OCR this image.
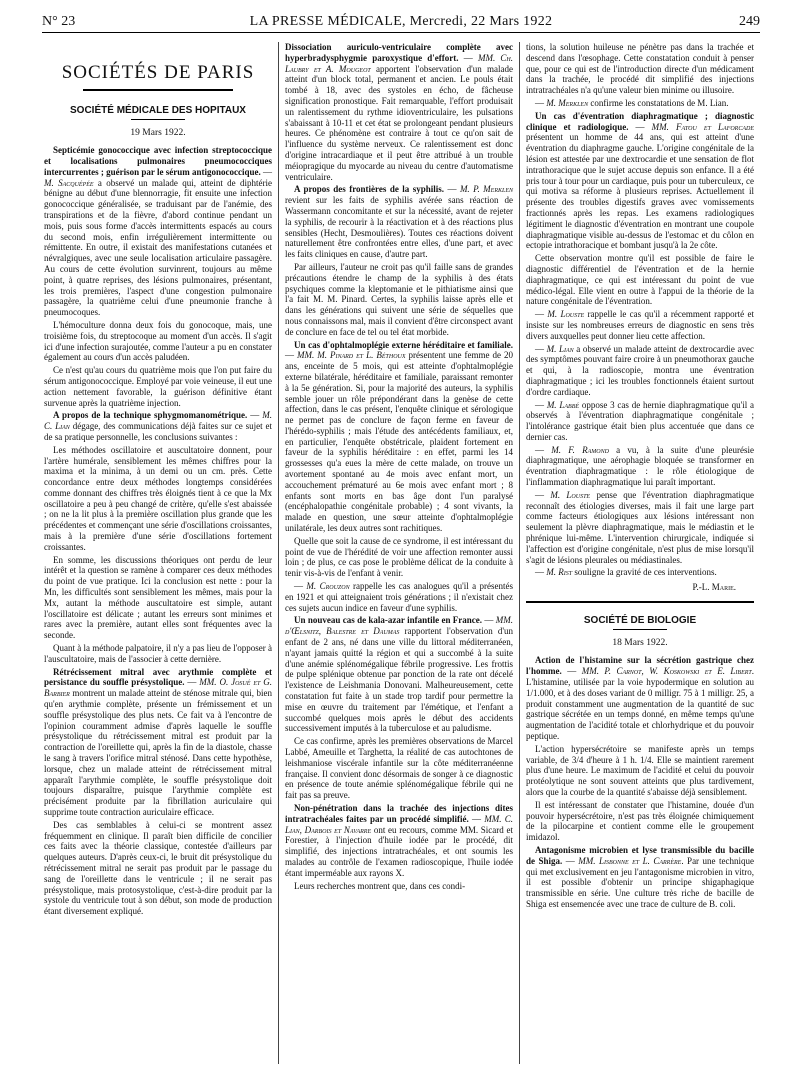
N° 23	LA PRESSE MÉDICALE, Mercredi, 22 Mars 1922	249
SOCIÉTÉS DE PARIS
SOCIÉTÉ MÉDICALE DES HOPITAUX
19 Mars 1922.

Septicémie gonococcique avec infection streptococcique et localisations pulmonaires pneumococciques intercurrentes ; guérison par le sérum antigonococcique. — M. Sacquépée a observé un malade qui, atteint de diphtérie bénigne au début d'une blennorragie, fit ensuite une infection gonococcique généralisée, se traduisant par de l'anémie, des transpirations et de la fièvre, d'abord continue pendant un mois, puis sous forme d'accès intermittents espacés au cours du second mois, enfin irrégulièrement intermittente ou rémittente. En outre, il existait des manifestations cutanées et névralgiques, avec une seule localisation articulaire passagère. Au cours de cette évolution survinrent, toujours au même point, à quatre reprises, des lésions pulmonaires, présentant, les trois premières, l'aspect d'une congestion pulmonaire passagère, la quatrième celui d'une pneumonie franche à pneumocoques.

L'hémoculture donna deux fois du gonocoque, mais, une troisième fois, du streptocoque au moment d'un accès. Il s'agit ici d'une infection surajoutée, comme l'auteur a pu en constater également au cours d'un accès paludéen.

Ce n'est qu'au cours du quatrième mois que l'on put faire du sérum antigonococcique. Employé par voie veineuse, il eut une action nettement favorable, la guérison définitive étant survenue après la quatrième injection.

A propos de la technique sphygmomanométrique. — M. C. Lian dégage, des communications déjà faites sur ce sujet et de sa pratique personnelle, les conclusions suivantes :

Les méthodes oscillatoire et auscultatoire donnent, pour l'artère humérale, sensiblement les mêmes chiffres pour la maxima et la minima, à un demi ou un cm. près. Cette concordance entre deux méthodes longtemps considérées comme donnant des chiffres très éloignés tient à ce que la Mx oscillatoire a peu à peu changé de critère, qu'elle s'est abaissée ; on ne la lit plus à la première oscillation plus grande que les précédentes et commençant une série d'oscillations croissantes, mais à la première d'une série d'oscillations fortement croissantes.

En somme, les discussions théoriques ont perdu de leur intérêt et la question se ramène à comparer ces deux méthodes du point de vue pratique. Ici la conclusion est nette : pour la Mn, les difficultés sont sensiblement les mêmes, mais pour la Mx, autant la méthode auscultatoire est simple, autant l'oscillatoire est délicate ; autant les erreurs sont minimes et rares avec la première, autant elles sont fréquentes avec la seconde.

Quant à la méthode palpatoire, il n'y a pas lieu de l'opposer à l'auscultatoire, mais de l'associer à cette dernière.

Rétrécissement mitral avec arythmie complète et persistance du souffle présystolique. — MM. O. Josué et G. Barbier montrent un malade atteint de sténose mitrale qui, bien qu'en arythmie complète, présente un frémissement et un souffle présystolique des plus nets. Ce fait va à l'encontre de l'opinion couramment admise d'après laquelle le souffle présystolique du rétrécissement mitral est produit par la contraction de l'oreillette qui, après la fin de la diastole, chasse le sang à travers l'orifice mitral sténosé. Dans cette hypothèse, lorsque, chez un malade atteint de rétrécissement mitral apparaît l'arythmie complète, le souffle présystolique doit toujours disparaître, puisque l'arythmie complète est précisément produite par la fibrillation auriculaire qui supprime toute contraction auriculaire efficace.

Des cas semblables à celui-ci se montrent assez fréquemment en clinique. Il paraît bien difficile de concilier ces faits avec la théorie classique, contestée d'ailleurs par quelques auteurs. D'après ceux-ci, le bruit dit présystolique du rétrécissement mitral ne serait pas produit par le passage du sang de l'oreillette dans le ventricule ; il ne serait pas présystolique, mais protosystolique, c'est-à-dire produit par la systole du ventricule tout à son début, son mode de production étant diversement expliqué.

Dissociation auriculo-ventriculaire complète avec hyperbradysphygmie paroxystique d'effort. — MM. Ch. Laubry et A. Mougeot apportent l'observation d'un malade atteint d'un block total, permanent et ancien. Le pouls était tombé à 18, avec des systoles en écho, de fâcheuse signification pronostique. Fait remarquable, l'effort produisait un ralentissement du rythme idioventriculaire, les pulsations s'abaissant à 10-11 et cet état se prolongeant pendant plusieurs heures. Ce phénomène est contraire à tout ce qu'on sait de l'influence du système nerveux. Ce ralentissement est donc d'origine intracardiaque et il peut être attribué à un trouble méiopragique du myocarde au niveau du centre d'automatisme ventriculaire.

A propos des frontières de la syphilis. — M. P. Merklen revient sur les faits de syphilis avérée sans réaction de Wassermann concomitante et sur la nécessité, avant de rejeter la syphilis, de recourir à la réactivation et à des réactions plus sensibles (Hecht, Desmoulières). Toutes ces réactions doivent naturellement être confrontées entre elles, d'une part, et avec les faits cliniques en cause, d'autre part.

Par ailleurs, l'auteur ne croit pas qu'il faille sans de grandes précautions étendre le champ de la syphilis à des états psychiques comme la kleptomanie et le pithiatisme ainsi que l'a fait M. M. Pinard. Certes, la syphilis laisse après elle et dans les générations qui suivent une série de séquelles que nous connaissons mal, mais il convient d'être circonspect avant de conclure en face de tel ou tel état morbide.

Un cas d'ophtalmoplégie externe héréditaire et familiale. — MM. M. Pinard et L. Béthoux présentent une femme de 20 ans, enceinte de 5 mois, qui est atteinte d'ophtalmoplégie externe bilatérale, héréditaire et familiale, paraissant remonter à la 5e génération. Si, pour la majorité des auteurs, la syphilis semble jouer un rôle prépondérant dans la genèse de cette affection, dans le cas présent, l'enquête clinique et sérologique ne permet pas de conclure de façon ferme en faveur de l'hérédo-syphilis ; mais l'étude des antécédents familiaux, et, en particulier, l'enquête obstétricale, plaident fortement en faveur de la syphilis héréditaire : en effet, parmi les 14 grossesses qu'a eues la mère de cette malade, on trouve un avortement spontané au 4e mois avec enfant mort, un accouchement prématuré au 6e mois avec enfant mort ; 8 enfants sont morts en bas âge dont l'un paralysé (encéphalopathie congénitale probable) ; 4 sont vivants, la malade en question, une sœur atteinte d'ophtalmoplégie unilatérale, les deux autres sont rachitiques.

Quelle que soit la cause de ce syndrome, il est intéressant du point de vue de l'hérédité de voir une affection remonter aussi loin ; de plus, ce cas pose le problème délicat de la conduite à tenir vis-à-vis de l'enfant à venir.

— M. Crouzon rappelle les cas analogues qu'il a présentés en 1921 et qui atteignaient trois générations ; il n'existait chez ces sujets aucun indice en faveur d'une syphilis.

Un nouveau cas de kala-azar infantile en France. — MM. d'Œlsnitz, Balestre et Daumas rapportent l'observation d'un enfant de 2 ans, né dans une ville du littoral méditerranéen, n'ayant jamais quitté la région et qui a succombé à la suite d'une anémie splénomégalique fébrile progressive. Les frottis de pulpe splénique obtenue par ponction de la rate ont décelé l'existence de Leishmania Donovani. Malheureusement, cette constatation fut faite à un stade trop tardif pour permettre la mise en œuvre du traitement par l'émétique, et l'enfant a succombé quelques mois après le début des accidents successivement imputés à la tuberculose et au paludisme.

Ce cas confirme, après les premières observations de Marcel Labbé, Ameuille et Targhetta, la réalité de cas autochtones de leishmaniose viscérale infantile sur la côte méditerranéenne française. Il convient donc désormais de songer à ce diagnostic en présence de toute anémie splénomégalique fébrile qui ne fait pas sa preuve.

Non-pénétration dans la trachée des injections dites intratrachéales faites par un procédé simplifié. — MM. C. Lian, Darbois et Navarre ont eu recours, comme MM. Sicard et Forestier, à l'injection d'huile iodée par le procédé, dit simplifié, des injections intratrachéales, et ont soumis les malades au contrôle de l'examen radioscopique, l'huile iodée étant imperméable aux rayons X.

Leurs recherches montrent que, dans ces condi-

tions, la solution huileuse ne pénètre pas dans la trachée et descend dans l'œsophage. Cette constatation conduit à penser que, pour ce qui est de l'introduction directe d'un médicament dans la trachée, le procédé dit simplifié des injections intratrachéales n'a qu'une valeur bien minime ou illusoire.

— M. Merklen confirme les constatations de M. Lian.

Un cas d'éventration diaphragmatique ; diagnostic clinique et radiologique. — MM. Fatou et Laforcade présentent un homme de 44 ans, qui est atteint d'une éventration du diaphragme gauche. L'origine congénitale de la lésion est attestée par une dextrocardie et une sensation de flot intrathoracique que le sujet accuse depuis son enfance. Il a été pris tour à tour pour un cardiaque, puis pour un tuberculeux, ce qui motiva sa réforme à plusieurs reprises. Actuellement il présente des troubles digestifs graves avec vomissements fractionnés après les repas. Les examens radiologiques légitiment le diagnostic d'éventration en montrant une coupole diaphragmatique visible au-dessus de l'estomac et du côlon en ectopie intrathoracique et bombant jusqu'à la 2e côte.

Cette observation montre qu'il est possible de faire le diagnostic différentiel de l'éventration et de la hernie diaphragmatique, ce qui est intéressant du point de vue médico-légal. Elle vient en outre à l'appui de la théorie de la nature congénitale de l'éventration.

— M. Louste rappelle le cas qu'il a récemment rapporté et insiste sur les nombreuses erreurs de diagnostic en sens très divers auxquelles peut donner lieu cette affection.

— M. Lian a observé un malade atteint de dextrocardie avec des symptômes pouvant faire croire à un pneumothorax gauche et qui, à la radioscopie, montra une éventration diaphragmatique ; ici les troubles fonctionnels étaient surtout d'ordre cardiaque.

— M. Labbé oppose 3 cas de hernie diaphragmatique qu'il a observés à l'éventration diaphragmatique congénitale ; l'intolérance gastrique était bien plus accentuée que dans ce dernier cas.

— M. F. Ramond a vu, à la suite d'une pleurésie diaphragmatique, une aérophagie bloquée se transformer en éventration diaphragmatique : le rôle étiologique de l'inflammation diaphragmatique lui paraît important.

— M. Louste pense que l'éventration diaphragmatique reconnaît des étiologies diverses, mais il fait une large part comme facteurs étiologiques aux lésions intéressant non seulement la plèvre diaphragmatique, mais le médiastin et le phrénique lui-même. L'intervention chirurgicale, indiquée si l'affection est d'origine congénitale, n'est plus de mise lorsqu'il s'agit de lésions pleurales ou médiastinales.

— M. Rist souligne la gravité de ces interventions.

P.-L. Marie.
SOCIÉTÉ DE BIOLOGIE
18 Mars 1922.

Action de l'histamine sur la sécrétion gastrique chez l'homme. — MM. P. Carnot, W. Koskowski et E. Libert. L'histamine, utilisée par la voie hypodermique en solution au 1/1.000, et à des doses variant de 0 milligr. 75 à 1 milligr. 25, a produit constamment une augmentation de la quantité de suc gastrique sécrétée en un temps donné, en même temps qu'une augmentation de l'acidité totale et chlorhydrique et du pouvoir peptique.

L'action hypersécrétoire se manifeste après un temps variable, de 3/4 d'heure à 1 h. 1/4. Elle se maintient rarement plus d'une heure. Le maximum de l'acidité et celui du pouvoir protéolytique ne sont souvent atteints que plus tardivement, alors que la courbe de la quantité s'abaisse déjà sensiblement.

Il est intéressant de constater que l'histamine, douée d'un pouvoir hypersécrétoire, n'est pas très éloignée chimiquement de la pilocarpine et contient comme elle le groupement imidazol.

Antagonisme microbien et lyse transmissible du bacille de Shiga. — MM. Lisbonne et L. Carrère. Par une technique qui met exclusivement en jeu l'antagonisme microbien in vitro, il est possible d'obtenir un principe shigaphagique transmissible en série. Une culture très riche de bacille de Shiga est ensemencée avec une trace de culture de B. coli.
